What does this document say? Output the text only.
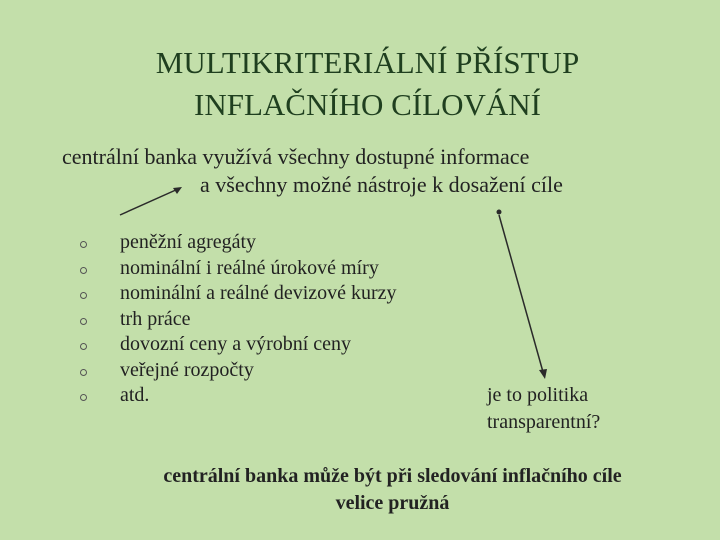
MULTIKRITERIÁLNÍ PŘÍSTUP
INFLAČNÍHO CÍLOVÁNÍ
centrální banka využívá všechny dostupné informace
a všechny možné nástroje k dosažení cíle
peněžní agregáty
nominální i reálné úrokové míry
nominální a reálné devizové kurzy
trh práce
dovozní ceny a výrobní ceny
veřejné rozpočty
atd.	je to politika
transparentní?
centrální banka může být při sledování inflačního cíle
velice pružná
